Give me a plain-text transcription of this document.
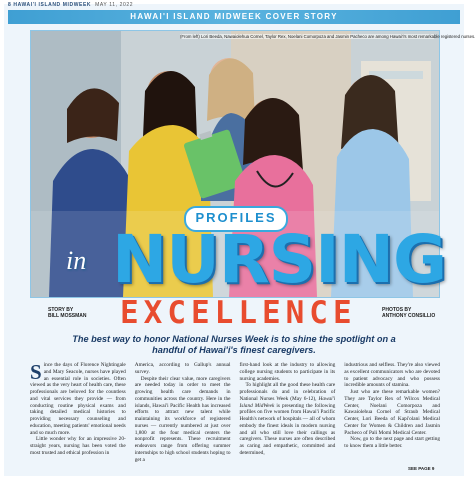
8 HAWAI'I ISLAND MIDWEEK MAY 11, 2022
HAWAI'I ISLAND MIDWEEK COVER STORY
(From left) Lori Beeda, Nawaiolehua Cornel, Taylor Rex, Noelani Comorpoza and Jasmin Pacheco are among Hawai'i's most remarkable registered nurses.
PROFILES
in NURSING
EXCELLENCE
STORY BY
BILL MOSSMAN
PHOTOS BY
ANTHONY CONSILLIO
The best way to honor National Nurses Week is to shine the spotlight on a handful of Hawai'i's finest caregivers.

Since the days of Florence Nightingale and Mary Seacole, nurses have played an essential role in societies. Often viewed as the very heart of health care, these professionals are beloved for the countless and vital services they provide — from conducting routine physical exams and taking detailed medical histories to providing necessary counseling and education, meeting patients' emotional needs and so much more.

Little wonder why for an impressive 20-straight years, nursing has been voted the most trusted and ethical profession in

America, according to Gallup's annual survey.

Despite their clear value, more caregivers are needed today in order to meet the growing health care demands in communities across the country. Here in the islands, Hawai'i Pacific Health has increased efforts to attract new talent while maintaining its workforce of registered nurses — currently numbered at just over 1,800 at the four medical centers the nonprofit represents. These recruitment endeavors range from offering summer internships to high school students hoping to get a

first-hand look at the industry to allowing college nursing students to participate in its nursing academies.

To highlight all the good these health care professionals do and in celebration of National Nurses Week (May 6-12), Hawai'i Island MidWeek is presenting the following profiles on five women from Hawai'i Pacific Health's network of hospitals — all of whom embody the finest ideals in modern nursing and all who still love their callings as caregivers. These nurses are often described as caring and empathetic, committed and determined,

industrious and selfless. They're also viewed as excellent communicators who are devoted to patient advocacy and who possess incredible amounts of stamina.

Just who are these remarkable women? They are Taylor Rex of Wilcox Medical Center, Noelani Comorpoza and Kawaiolehua Cornel of Straub Medical Center, Lori Beeda of Kapi'olani Medical Center for Women & Children and Jasmin Pacheco of Pali Momi Medical Center.

Now, go to the next page and start getting to know them a little better.

SEE PAGE 9
